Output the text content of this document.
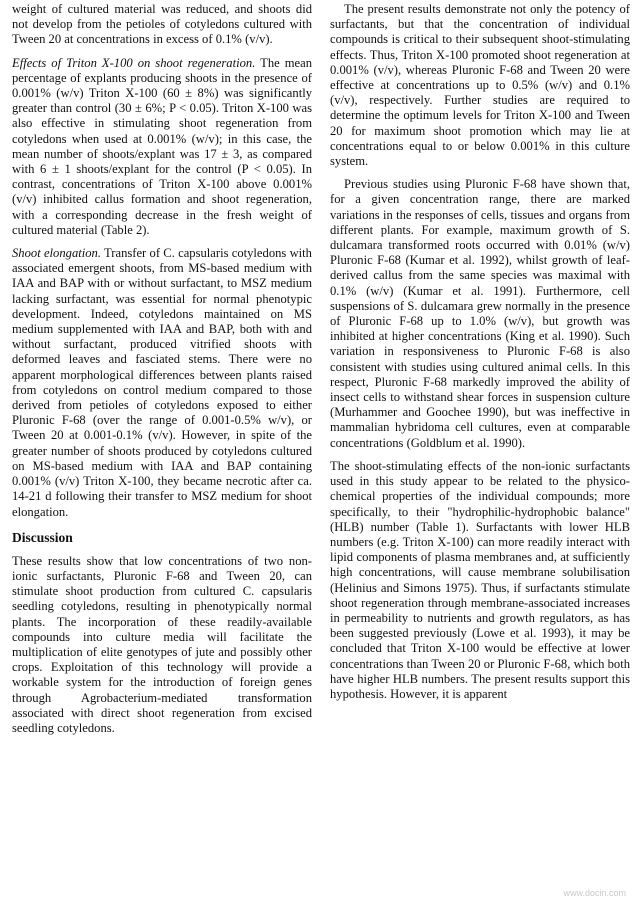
weight of cultured material was reduced, and shoots did not develop from the petioles of cotyledons cultured with Tween 20 at concentrations in excess of 0.1% (v/v).

Effects of Triton X-100 on shoot regeneration. The mean percentage of explants producing shoots in the presence of 0.001% (w/v) Triton X-100 (60 ± 8%) was significantly greater than control (30 ± 6%; P < 0.05). Triton X-100 was also effective in stimulating shoot regeneration from cotyledons when used at 0.001% (w/v); in this case, the mean number of shoots/explant was 17 ± 3, as compared with 6 ± 1 shoots/explant for the control (P < 0.05). In contrast, concentrations of Triton X-100 above 0.001% (v/v) inhibited callus formation and shoot regeneration, with a corresponding decrease in the fresh weight of cultured material (Table 2).

Shoot elongation. Transfer of C. capsularis cotyledons with associated emergent shoots, from MS-based medium with IAA and BAP with or without surfactant, to MSZ medium lacking surfactant, was essential for normal phenotypic development. Indeed, cotyledons maintained on MS medium supplemented with IAA and BAP, both with and without surfactant, produced vitrified shoots with deformed leaves and fasciated stems. There were no apparent morphological differences between plants raised from cotyledons on control medium compared to those derived from petioles of cotyledons exposed to either Pluronic F-68 (over the range of 0.001-0.5% w/v), or Tween 20 at 0.001-0.1% (v/v). However, in spite of the greater number of shoots produced by cotyledons cultured on MS-based medium with IAA and BAP containing 0.001% (v/v) Triton X-100, they became necrotic after ca. 14-21 d following their transfer to MSZ medium for shoot elongation.

Discussion

These results show that low concentrations of two non-ionic surfactants, Pluronic F-68 and Tween 20, can stimulate shoot production from cultured C. capsularis seedling cotyledons, resulting in phenotypically normal plants. The incorporation of these readily-available compounds into culture media will facilitate the multiplication of elite genotypes of jute and possibly other crops. Exploitation of this technology will provide a workable system for the introduction of foreign genes through Agrobacterium-mediated transformation associated with direct shoot regeneration from excised seedling cotyledons.

The present results demonstrate not only the potency of surfactants, but that the concentration of individual compounds is critical to their subsequent shoot-stimulating effects. Thus, Triton X-100 promoted shoot regeneration at 0.001% (v/v), whereas Pluronic F-68 and Tween 20 were effective at concentrations up to 0.5% (w/v) and 0.1% (v/v), respectively. Further studies are required to determine the optimum levels for Triton X-100 and Tween 20 for maximum shoot promotion which may lie at concentrations equal to or below 0.001% in this culture system.

Previous studies using Pluronic F-68 have shown that, for a given concentration range, there are marked variations in the responses of cells, tissues and organs from different plants. For example, maximum growth of S. dulcamara transformed roots occurred with 0.01% (w/v) Pluronic F-68 (Kumar et al. 1992), whilst growth of leaf-derived callus from the same species was maximal with 0.1% (w/v) (Kumar et al. 1991). Furthermore, cell suspensions of S. dulcamara grew normally in the presence of Pluronic F-68 up to 1.0% (w/v), but growth was inhibited at higher concentrations (King et al. 1990). Such variation in responsiveness to Pluronic F-68 is also consistent with studies using cultured animal cells. In this respect, Pluronic F-68 markedly improved the ability of insect cells to withstand shear forces in suspension culture (Murhammer and Goochee 1990), but was ineffective in mammalian hybridoma cell cultures, even at comparable concentrations (Goldblum et al. 1990).

The shoot-stimulating effects of the non-ionic surfactants used in this study appear to be related to the physico-chemical properties of the individual compounds; more specifically, to their "hydrophilic-hydrophobic balance" (HLB) number (Table 1). Surfactants with lower HLB numbers (e.g. Triton X-100) can more readily interact with lipid components of plasma membranes and, at sufficiently high concentrations, will cause membrane solubilisation (Helinius and Simons 1975). Thus, if surfactants stimulate shoot regeneration through membrane-associated increases in permeability to nutrients and growth regulators, as has been suggested previously (Lowe et al. 1993), it may be concluded that Triton X-100 would be effective at lower concentrations than Tween 20 or Pluronic F-68, which both have higher HLB numbers. The present results support this hypothesis. However, it is apparent

www.docin.com
